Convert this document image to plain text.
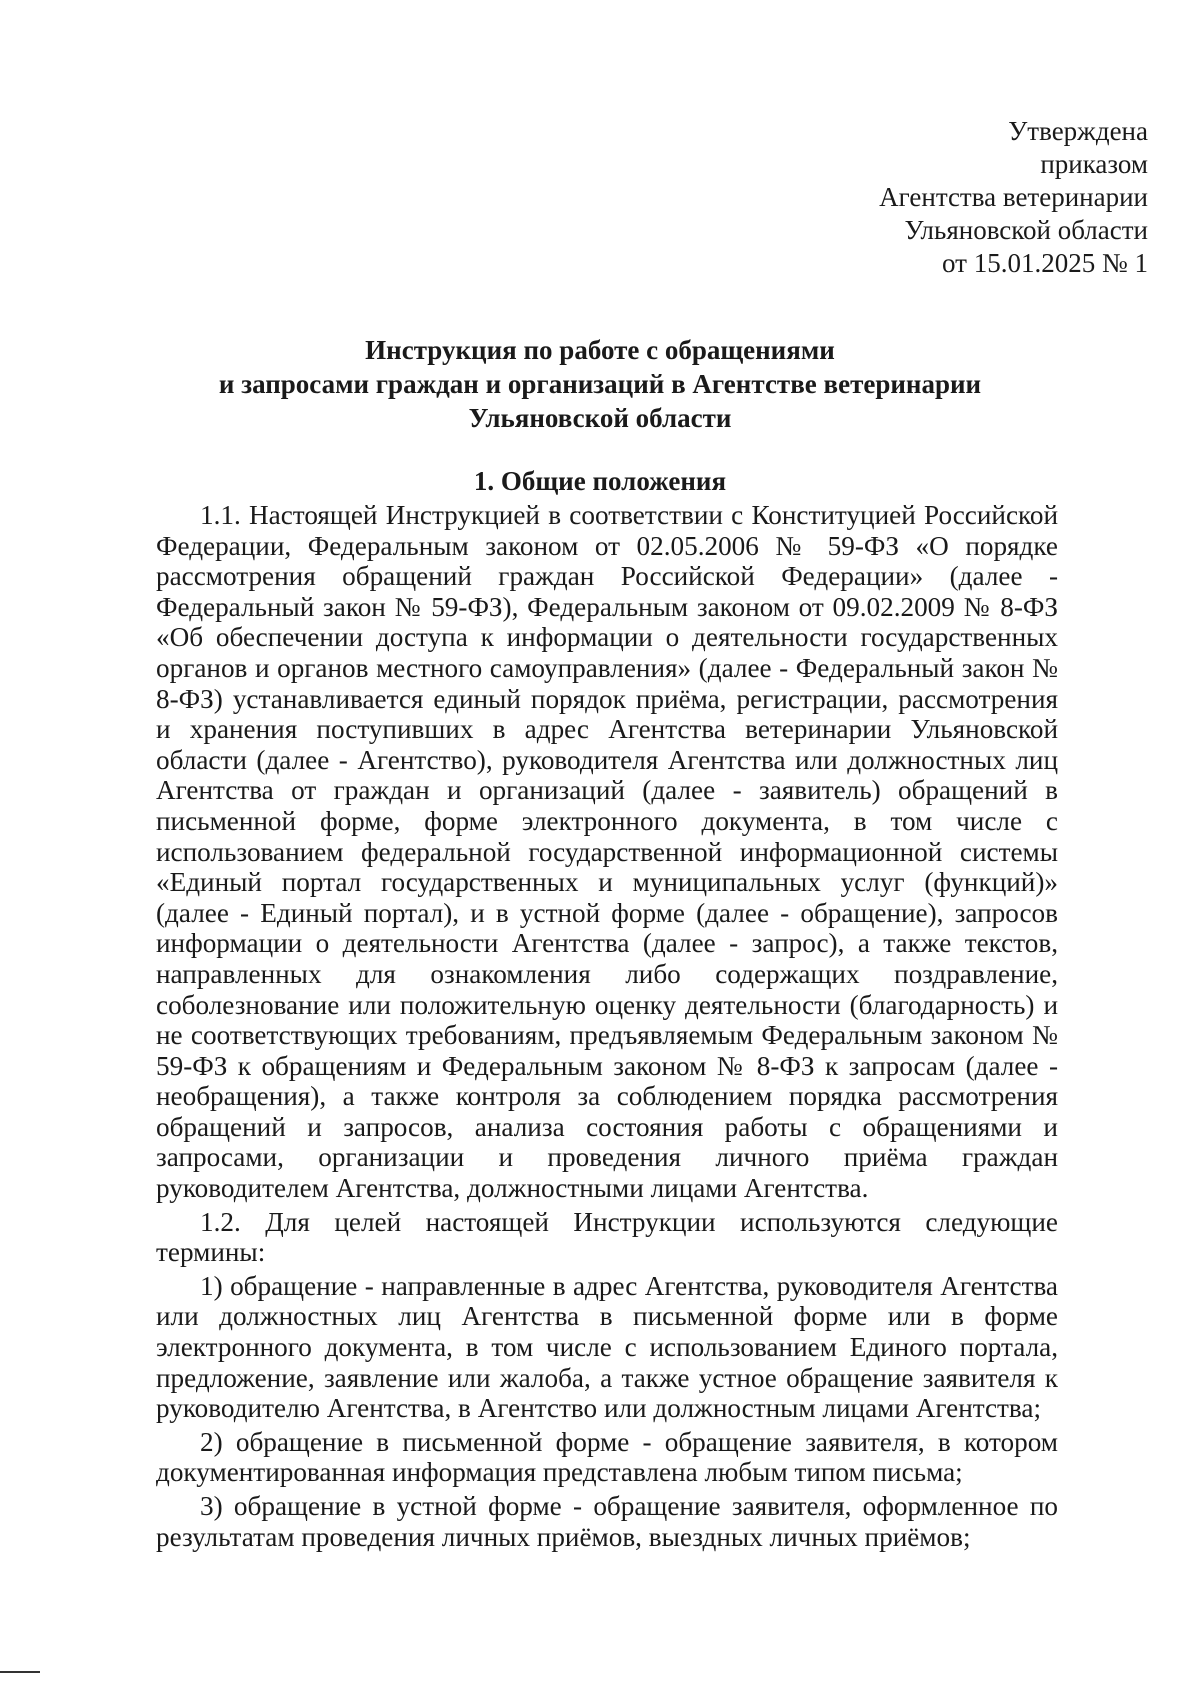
Утверждена
приказом
Агентства ветеринарии
Ульяновской области
от 15.01.2025 № 1
Инструкция по работе с обращениями
и запросами граждан и организаций в Агентстве ветеринарии
Ульяновской области
1. Общие положения

1.1. Настоящей Инструкцией в соответствии с Конституцией Российской Федерации, Федеральным законом от 02.05.2006 № 59-ФЗ «О порядке рассмотрения обращений граждан Российской Федерации» (далее - Федеральный закон № 59-ФЗ), Федеральным законом от 09.02.2009 № 8-ФЗ «Об обеспечении доступа к информации о деятельности государственных органов и органов местного самоуправления» (далее - Федеральный закон № 8-ФЗ) устанавливается единый порядок приёма, регистрации, рассмотрения и хранения поступивших в адрес Агентства ветеринарии Ульяновской области (далее - Агентство), руководителя Агентства или должностных лиц Агентства от граждан и организаций (далее - заявитель) обращений в письменной форме, форме электронного документа, в том числе с использованием федеральной государственной информационной системы «Единый портал государственных и муниципальных услуг (функций)» (далее - Единый портал), и в устной форме (далее - обращение), запросов информации о деятельности Агентства (далее - запрос), а также текстов, направленных для ознакомления либо содержащих поздравление, соболезнование или положительную оценку деятельности (благодарность) и не соответствующих требованиям, предъявляемым Федеральным законом № 59-ФЗ к обращениям и Федеральным законом № 8-ФЗ к запросам (далее - необращения), а также контроля за соблюдением порядка рассмотрения обращений и запросов, анализа состояния работы с обращениями и запросами, организации и проведения личного приёма граждан руководителем Агентства, должностными лицами Агентства.

1.2. Для целей настоящей Инструкции используются следующие термины:

1) обращение - направленные в адрес Агентства, руководителя Агентства или должностных лиц Агентства в письменной форме или в форме электронного документа, в том числе с использованием Единого портала, предложение, заявление или жалоба, а также устное обращение заявителя к руководителю Агентства, в Агентство или должностным лицами Агентства;

2) обращение в письменной форме - обращение заявителя, в котором документированная информация представлена любым типом письма;

3) обращение в устной форме - обращение заявителя, оформленное по результатам проведения личных приёмов, выездных личных приёмов;
